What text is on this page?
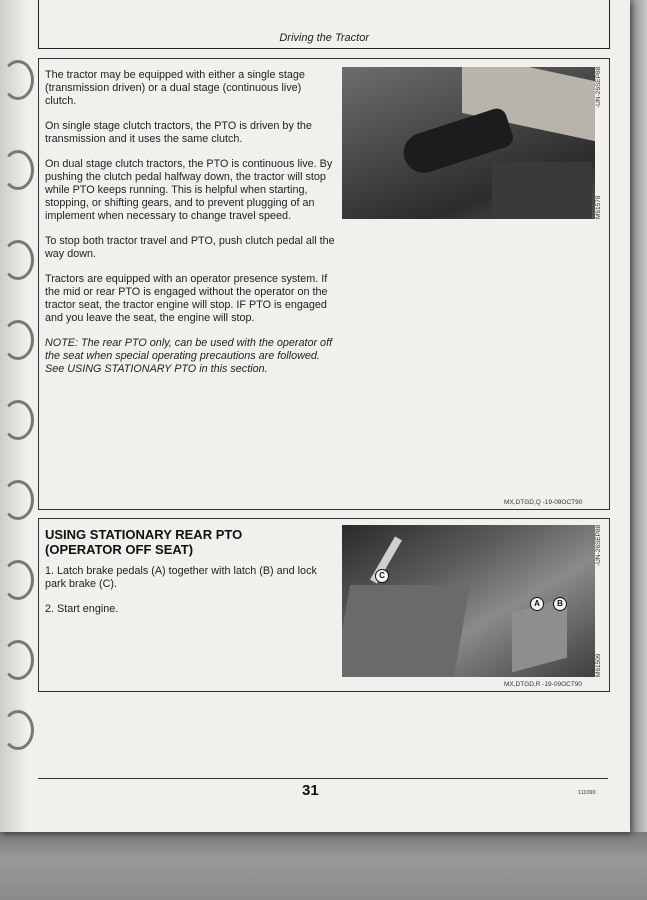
Driving the Tractor

The tractor may be equipped with either a single stage (transmission driven) or a dual stage (continuous live) clutch.

On single stage clutch tractors, the PTO is driven by the transmission and it uses the same clutch.

On dual stage clutch tractors, the PTO is continuous live. By pushing the clutch pedal halfway down, the tractor will stop while PTO keeps running. This is helpful when starting, stopping, or shifting gears, and to prevent plugging of an implement when necessary to change travel speed.

To stop both tractor travel and PTO, push clutch pedal all the way down.

Tractors are equipped with an operator presence system. If the mid or rear PTO is engaged without the operator on the tractor seat, the tractor engine will stop. IF PTO is engaged and you leave the seat, the engine will stop.

NOTE: The rear PTO only, can be used with the operator off the seat when special operating precautions are followed. See USING STATIONARY PTO in this section.

M61578
-UN-26SEP88
MX,DTGD,Q -19-09OCT90
USING STATIONARY REAR PTO
(OPERATOR OFF SEAT)

1. Latch brake pedals (A) together with latch (B) and lock park brake (C).

2. Start engine.	A	B
C
M61509
-UN-26SEP88
MX,DTGD,R -19-09OCT90
31	111090
